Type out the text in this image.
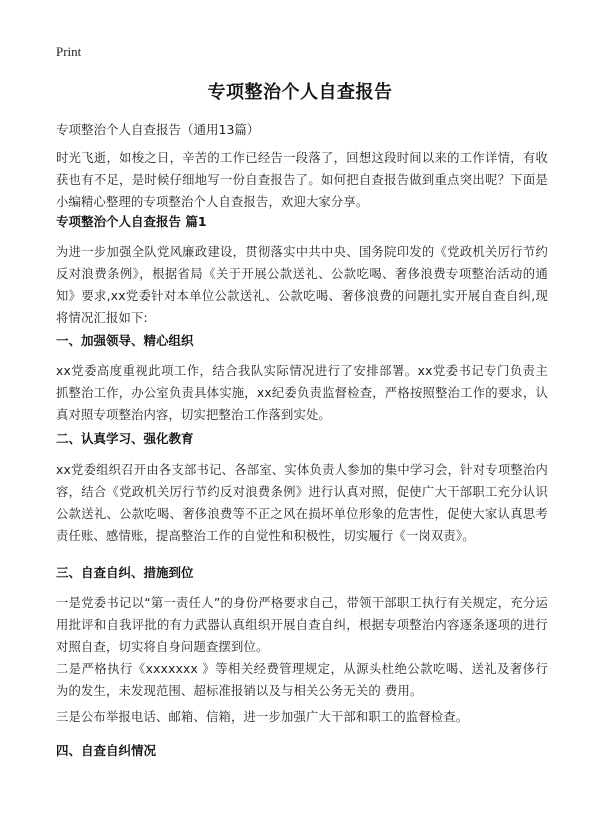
Print
专项整治个人自查报告
专项整治个人自查报告（通用13篇）

时光飞逝，如梭之日，辛苦的工作已经告一段落了，回想这段时间以来的工作详情，有收获也有不足，是时候仔细地写一份自查报告了。如何把自查报告做到重点突出呢？下面是小编精心整理的专项整治个人自查报告，欢迎大家分享。

专项整治个人自查报告 篇1

为进一步加强全队党风廉政建设，贯彻落实中共中央、国务院印发的《党政机关厉行节约反对浪费条例》，根据省局《关于开展公款送礼、公款吃喝、奢侈浪费专项整治活动的通知》要求,xx党委针对本单位公款送礼、公款吃喝、奢侈浪费的问题扎实开展自查自纠,现将情况汇报如下:

一、加强领导、精心组织

xx党委高度重视此项工作，结合我队实际情况进行了安排部署。xx党委书记专门负责主抓整治工作，办公室负责具体实施，xx纪委负责监督检查，严格按照整治工作的要求，认真对照专项整治内容，切实把整治工作落到实处。

二、认真学习、强化教育

xx党委组织召开由各支部书记、各部室、实体负责人参加的集中学习会，针对专项整治内容，结合《党政机关厉行节约反对浪费条例》进行认真对照，促使广大干部职工充分认识公款送礼、公款吃喝、奢侈浪费等不正之风在损坏单位形象的危害性，促使大家认真思考责任账、感情账，提高整治工作的自觉性和积极性，切实履行《一岗双责》。

三、自查自纠、措施到位

一是党委书记以“第一责任人”的身份严格要求自己，带领干部职工执行有关规定，充分运用批评和自我评批的有力武器认真组织开展自查自纠，根据专项整治内容逐条逐项的进行对照自查，切实将自身问题查摆到位。

二是严格执行《xxxxxxx 》等相关经费管理规定，从源头杜绝公款吃喝、送礼及奢侈行为的发生，未发现范围、超标准报销以及与相关公务无关的 费用。

三是公布举报电话、邮箱、信箱，进一步加强广大干部和职工的监督检查。

四、自查自纠情况
